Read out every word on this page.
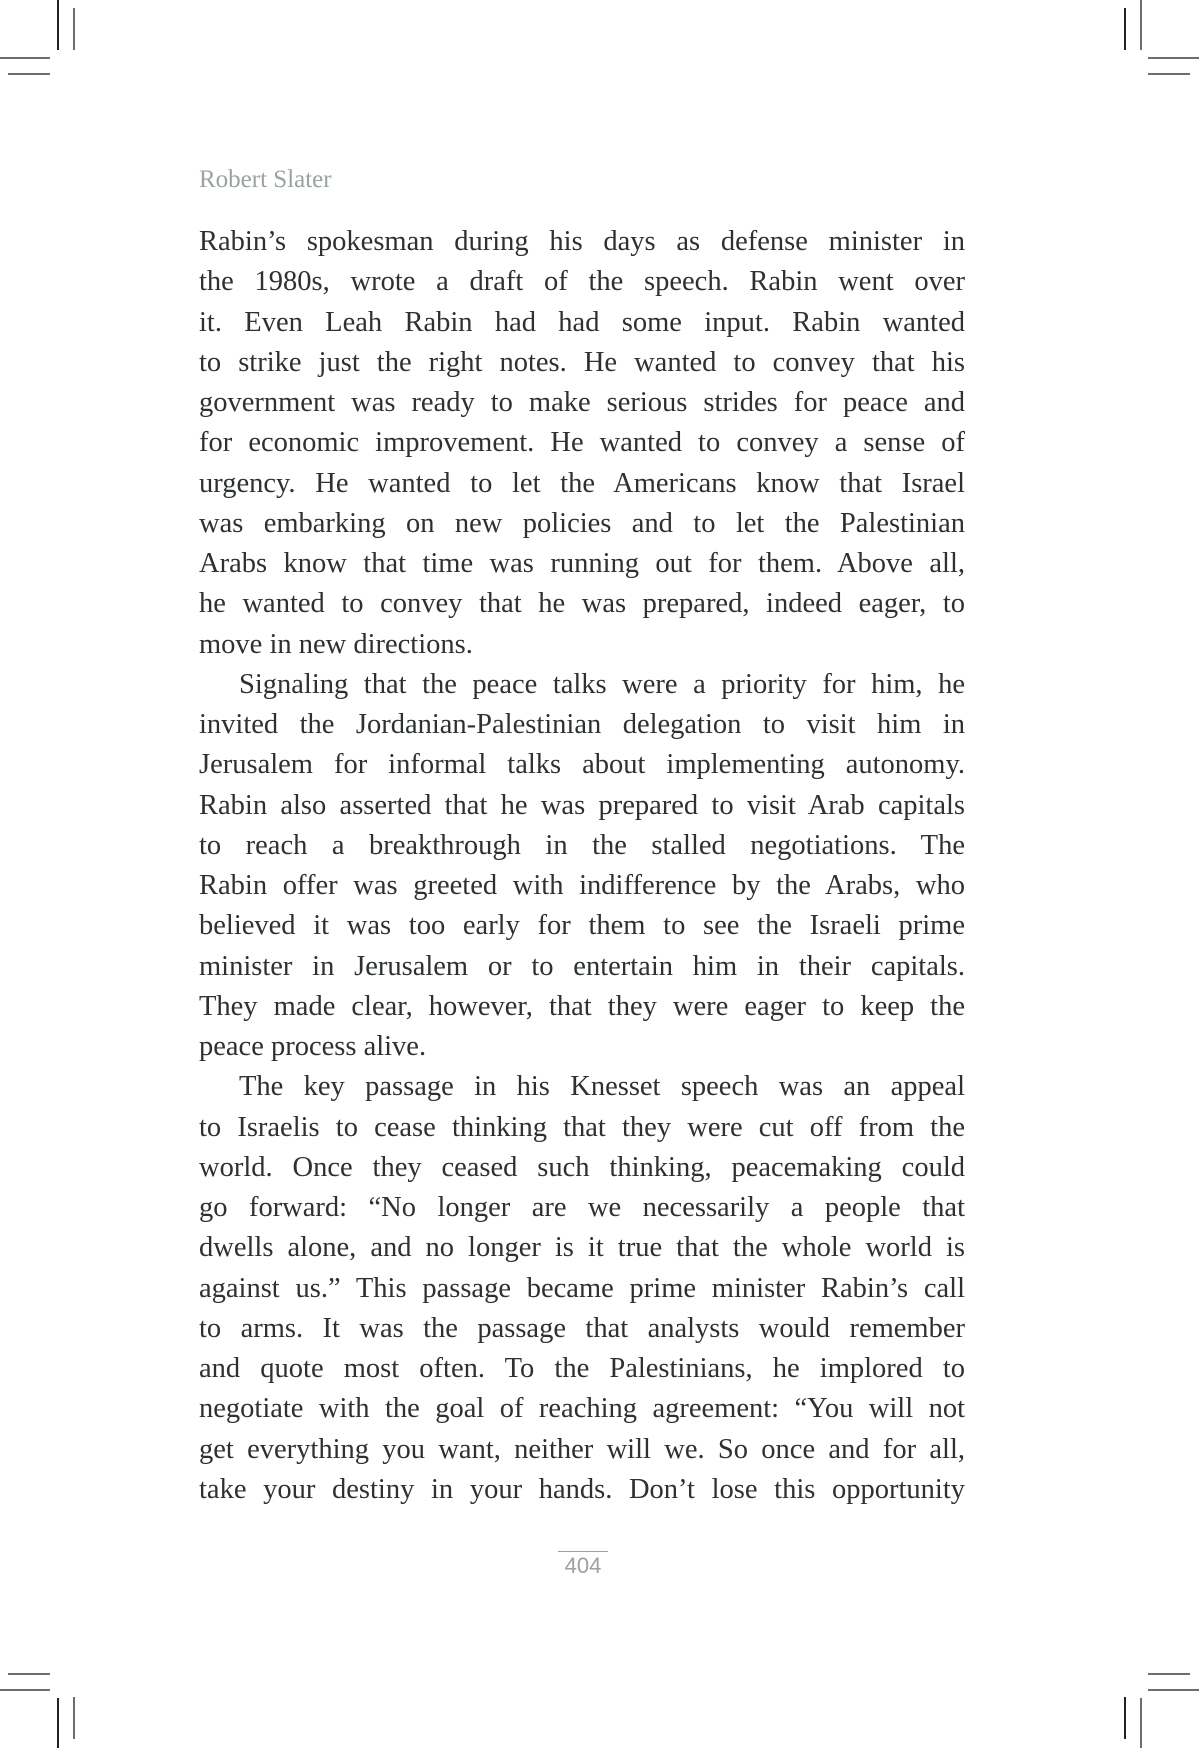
Robert Slater
Rabin’s spokesman during his days as defense minister in
the 1980s, wrote a draft of the speech. Rabin went over
it. Even Leah Rabin had had some input. Rabin wanted
to strike just the right notes. He wanted to convey that his
government was ready to make serious strides for peace and
for economic improvement. He wanted to convey a sense of
urgency. He wanted to let the Americans know that Israel
was embarking on new policies and to let the Palestinian
Arabs know that time was running out for them. Above all,
he wanted to convey that he was prepared, indeed eager, to
move in new directions.
Signaling that the peace talks were a priority for him, he
invited the Jordanian-Palestinian delegation to visit him in
Jerusalem for informal talks about implementing autonomy.
Rabin also asserted that he was prepared to visit Arab capitals
to reach a breakthrough in the stalled negotiations. The
Rabin offer was greeted with indifference by the Arabs, who
believed it was too early for them to see the Israeli prime
minister in Jerusalem or to entertain him in their capitals.
They made clear, however, that they were eager to keep the
peace process alive.
The key passage in his Knesset speech was an appeal
to Israelis to cease thinking that they were cut off from the
world. Once they ceased such thinking, peacemaking could
go forward: “No longer are we necessarily a people that
dwells alone, and no longer is it true that the whole world is
against us.” This passage became prime minister Rabin’s call
to arms. It was the passage that analysts would remember
and quote most often. To the Palestinians, he implored to
negotiate with the goal of reaching agreement: “You will not
get everything you want, neither will we. So once and for all,
take your destiny in your hands. Don’t lose this opportunity
404
